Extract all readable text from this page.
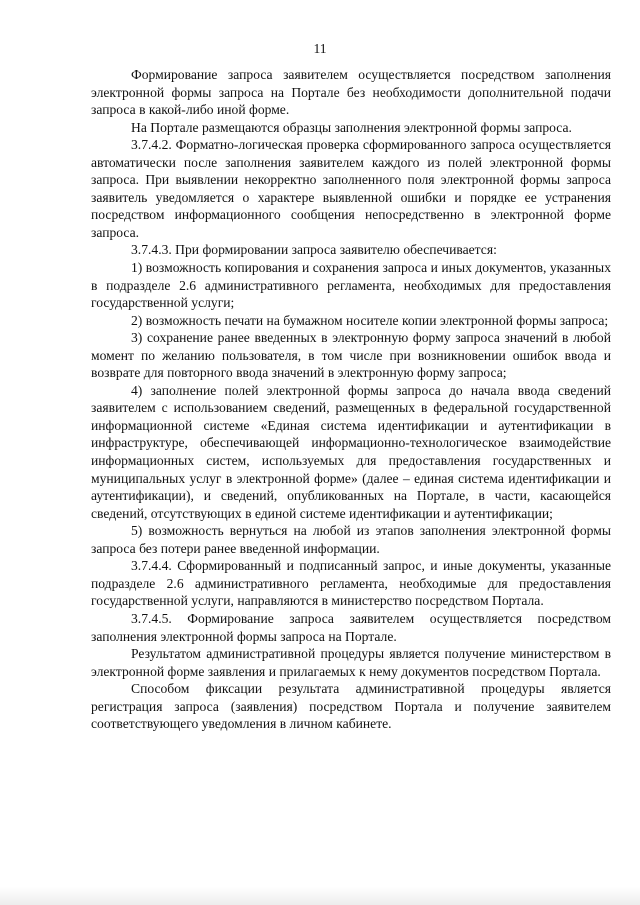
11

Формирование запроса заявителем осуществляется посредством заполнения электронной формы запроса на Портале без необходимости дополнительной подачи запроса в какой-либо иной форме.

На Портале размещаются образцы заполнения электронной формы запроса.

3.7.4.2. Форматно-логическая проверка сформированного запроса осуществляется автоматически после заполнения заявителем каждого из полей электронной формы запроса. При выявлении некорректно заполненного поля электронной формы запроса заявитель уведомляется о характере выявленной ошибки и порядке ее устранения посредством информационного сообщения непосредственно в электронной форме запроса.

3.7.4.3. При формировании запроса заявителю обеспечивается:

1) возможность копирования и сохранения запроса и иных документов, указанных в подразделе 2.6 административного регламента, необходимых для предоставления государственной услуги;

2) возможность печати на бумажном носителе копии электронной формы запроса;

3) сохранение ранее введенных в электронную форму запроса значений в любой момент по желанию пользователя, в том числе при возникновении ошибок ввода и возврате для повторного ввода значений в электронную форму запроса;

4) заполнение полей электронной формы запроса до начала ввода сведений заявителем с использованием сведений, размещенных в федеральной государственной информационной системе «Единая система идентификации и аутентификации в инфраструктуре, обеспечивающей информационно-технологическое взаимодействие информационных систем, используемых для предоставления государственных и муниципальных услуг в электронной форме» (далее – единая система идентификации и аутентификации), и сведений, опубликованных на Портале, в части, касающейся сведений, отсутствующих в единой системе идентификации и аутентификации;

5) возможность вернуться на любой из этапов заполнения электронной формы запроса без потери ранее введенной информации.

3.7.4.4. Сформированный и подписанный запрос, и иные документы, указанные подразделе 2.6 административного регламента, необходимые для предоставления государственной услуги, направляются в министерство посредством Портала.

3.7.4.5. Формирование запроса заявителем осуществляется посредством заполнения электронной формы запроса на Портале.

Результатом административной процедуры является получение министерством в электронной форме заявления и прилагаемых к нему документов посредством Портала.

Способом фиксации результата административной процедуры является регистрация запроса (заявления) посредством Портала и получение заявителем соответствующего уведомления в личном кабинете.
